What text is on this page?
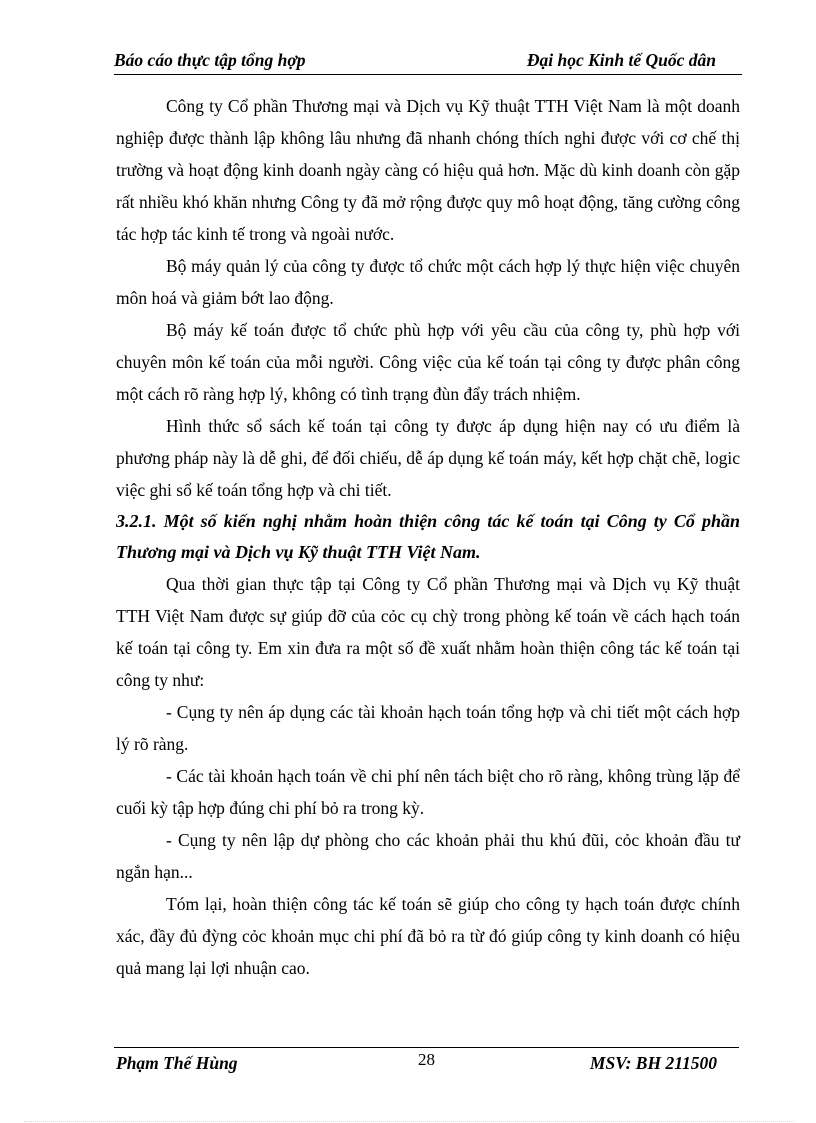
Báo cáo thực tập tổng hợp	Đại học Kinh tế Quốc dân

Công ty Cổ phần Thương mại và Dịch vụ Kỹ thuật TTH Việt Nam là một doanh nghiệp được thành lập không lâu nhưng đã nhanh chóng thích nghi được với cơ chế thị trường và hoạt động kinh doanh ngày càng có hiệu quả hơn. Mặc dù kinh doanh còn gặp rất nhiều khó khăn nhưng Công ty đã mở rộng được quy mô hoạt động, tăng cường công tác hợp tác kinh tế trong và ngoài nước.

Bộ máy quản lý của công ty được tổ chức một cách hợp lý thực hiện việc chuyên môn hoá và giảm bớt lao động.

Bộ máy kế toán được tổ chức phù hợp với yêu cầu của công ty, phù hợp với chuyên môn kế toán của mỗi người. Công việc của kế toán tại công ty được phân công một cách rõ ràng hợp lý, không có tình trạng đùn đẩy trách nhiệm.

Hình thức sổ sách kế toán tại công ty được áp dụng hiện nay có ưu điểm là phương pháp này là dễ ghi, để đối chiếu, dễ áp dụng kế toán máy, kết hợp chặt chẽ, logic việc ghi sổ kế toán tổng hợp và chi tiết.

3.2.1. Một số kiến nghị nhằm hoàn thiện công tác kế toán tại Công ty Cổ phần Thương mại và Dịch vụ Kỹ thuật TTH Việt Nam.

Qua thời gian thực tập tại Công ty Cổ phần Thương mại và Dịch vụ Kỹ thuật TTH Việt Nam được sự giúp đỡ của cỏc cụ chỳ trong phòng kế toán về cách hạch toán kế toán tại công ty. Em xin đưa ra một số đề xuất nhằm hoàn thiện công tác kế toán tại công ty như:

- Cụng ty nên áp dụng các tài khoản hạch toán tổng hợp và chi tiết một cách hợp lý rõ ràng.

- Các tài khoản hạch toán về chi phí nên tách biệt cho rõ ràng, không trùng lặp để cuối kỳ tập hợp đúng chi phí bỏ ra trong kỳ.

- Cụng ty nên lập dự phòng cho các khoản phải thu khú đũi, cỏc khoản đầu tư ngắn hạn...

Tóm lại, hoàn thiện công tác kế toán sẽ giúp cho công ty hạch toán được chính xác, đầy đủ đỳng cỏc khoản mục chi phí đã bỏ ra từ đó giúp công ty kinh doanh có hiệu quả mang lại lợi nhuận cao.

Phạm Thế Hùng	28	MSV: BH 211500
